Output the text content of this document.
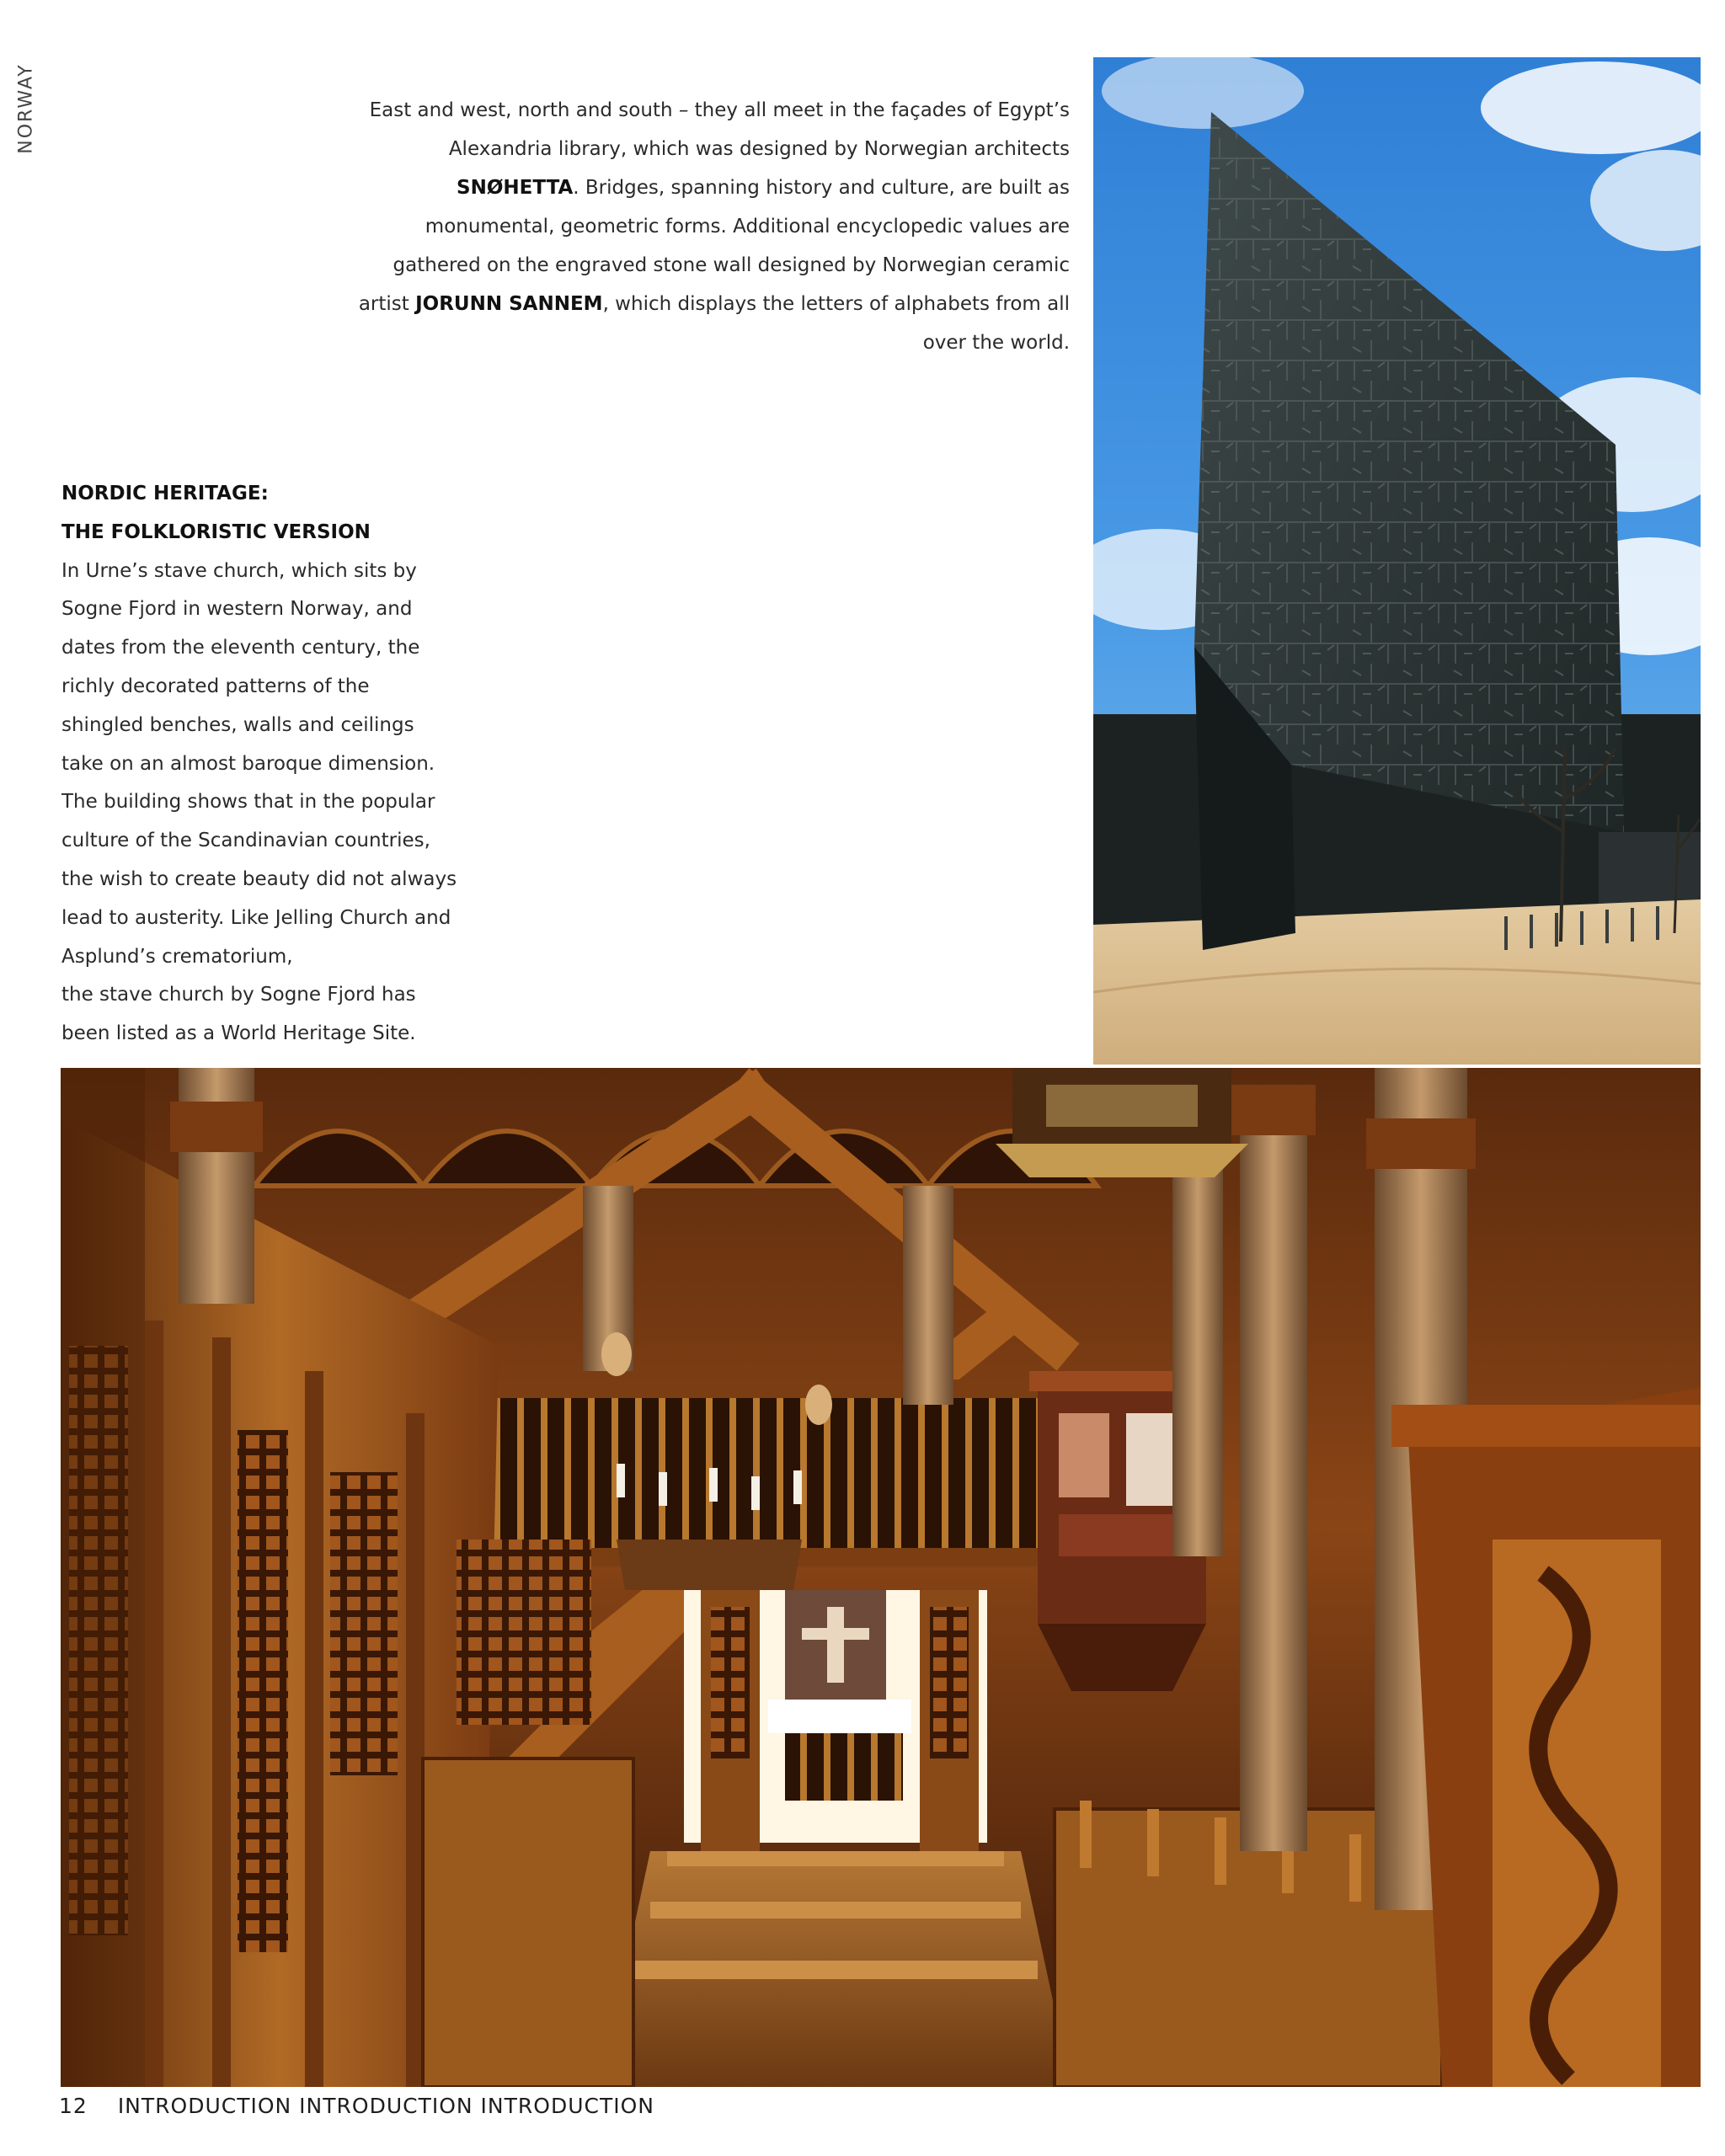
NORWAY	East and west, north and south – they all meet in the façades of Egypt’s Alexandria library, which was designed by Norwegian architects SNØHETTA. Bridges, spanning history and culture, are built as monumental, geometric forms. Additional encyclopedic values are gathered on the engraved stone wall designed by Norwegian ceramic artist JORUNN SANNEM, which displays the letters of alphabets from all over the world.

NORDIC HERITAGE:
THE FOLKLORISTIC VERSION

In Urne’s stave church, which sits by Sogne Fjord in western Norway, and dates from the eleventh century, the richly decorated patterns of the shingled benches, walls and ceilings take on an almost baroque dimension. The building shows that in the popular culture of the Scandinavian countries, the wish to create beauty did not always lead to austerity. Like Jelling Church and Asplund’s crematorium,

the stave church by Sogne Fjord has been listed as a World Heritage Site.

12 INTRODUCTION INTRODUCTION INTRODUCTION
